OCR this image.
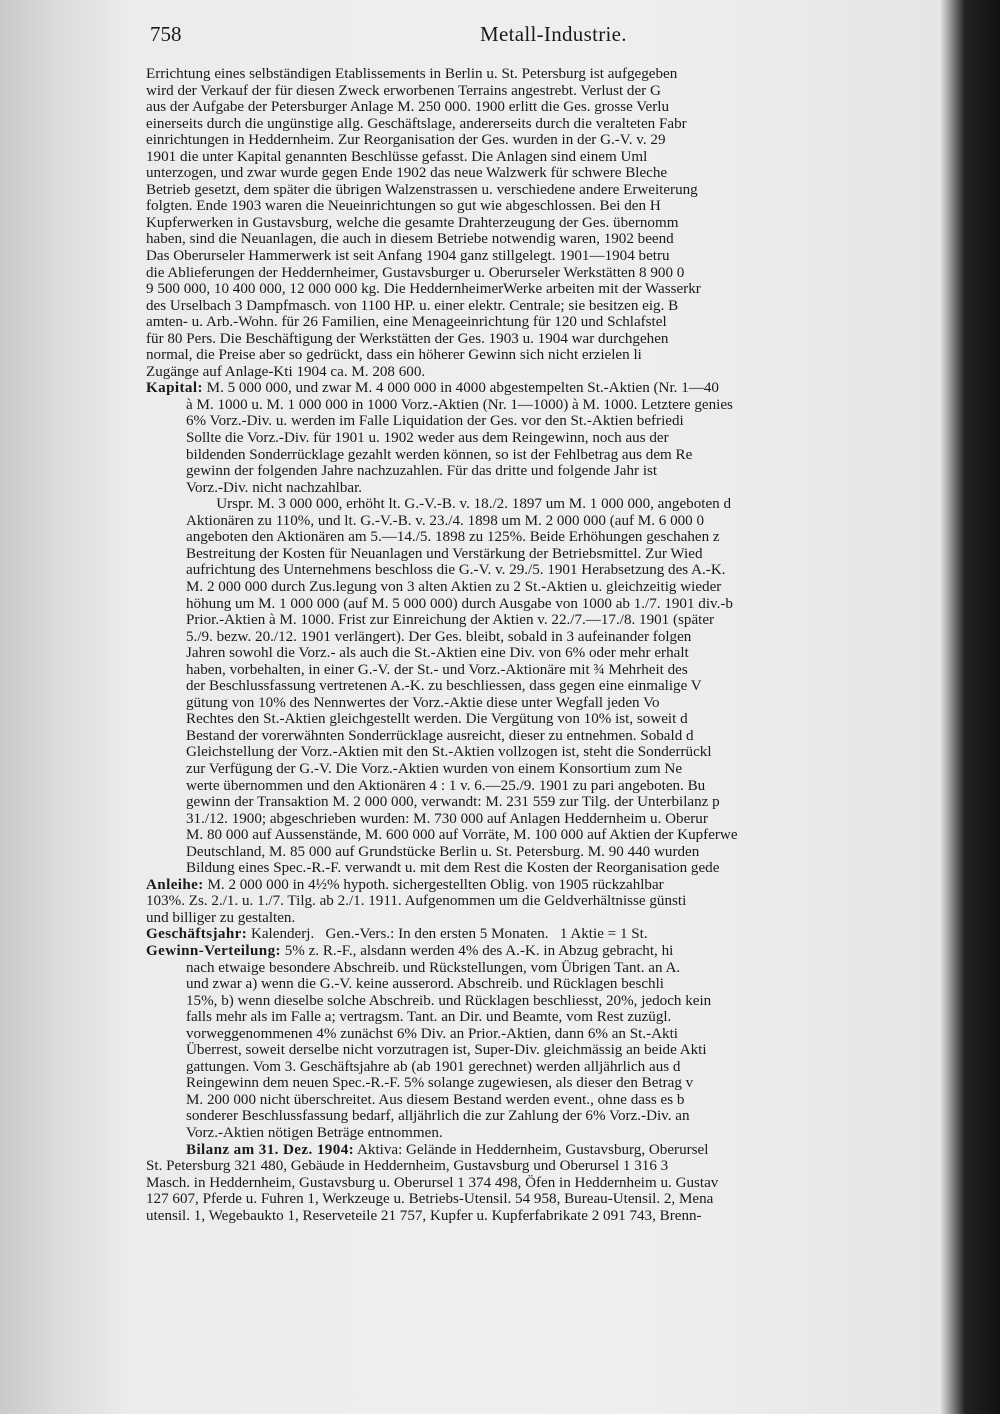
758	Metall-Industrie.
Errichtung eines selbständigen Etablissements in Berlin u. St. Petersburg ist aufgegeben
wird der Verkauf der für diesen Zweck erworbenen Terrains angestrebt. Verlust der G
aus der Aufgabe der Petersburger Anlage M. 250 000. 1900 erlitt die Ges. grosse Verlu
einerseits durch die ungünstige allg. Geschäftslage, andererseits durch die veralteten Fabr
einrichtungen in Heddernheim. Zur Reorganisation der Ges. wurden in der G.-V. v. 29
1901 die unter Kapital genannten Beschlüsse gefasst. Die Anlagen sind einem Uml
unterzogen, und zwar wurde gegen Ende 1902 das neue Walzwerk für schwere Bleche
Betrieb gesetzt, dem später die übrigen Walzenstrassen u. verschiedene andere Erweiterung
folgten. Ende 1903 waren die Neueinrichtungen so gut wie abgeschlossen. Bei den H
Kupferwerken in Gustavsburg, welche die gesamte Drahterzeugung der Ges. übernomm
haben, sind die Neuanlagen, die auch in diesem Betriebe notwendig waren, 1902 beend
Das Oberurseler Hammerwerk ist seit Anfang 1904 ganz stillgelegt. 1901—1904 betru
die Ablieferungen der Heddernheimer, Gustavsburger u. Oberurseler Werkstätten 8 900 0
9 500 000, 10 400 000, 12 000 000 kg. Die HeddernheimerWerke arbeiten mit der Wasserkr
des Urselbach 3 Dampfmasch. von 1100 HP. u. einer elektr. Centrale; sie besitzen eig. B
amten- u. Arb.-Wohn. für 26 Familien, eine Menageeinrichtung für 120 und Schlafstel
für 80 Pers. Die Beschäftigung der Werkstätten der Ges. 1903 u. 1904 war durchgehen
normal, die Preise aber so gedrückt, dass ein höherer Gewinn sich nicht erzielen li
Zugänge auf Anlage-Kti 1904 ca. M. 208 600.
Kapital: M. 5 000 000, und zwar M. 4 000 000 in 4000 abgestempelten St.-Aktien (Nr. 1—40
à M. 1000 u. M. 1 000 000 in 1000 Vorz.-Aktien (Nr. 1—1000) à M. 1000. Letztere genies
6% Vorz.-Div. u. werden im Falle Liquidation der Ges. vor den St.-Aktien befriedi
Sollte die Vorz.-Div. für 1901 u. 1902 weder aus dem Reingewinn, noch aus der
bildenden Sonderrücklage gezahlt werden können, so ist der Fehlbetrag aus dem Re
gewinn der folgenden Jahre nachzuzahlen. Für das dritte und folgende Jahr ist
Vorz.-Div. nicht nachzahlbar.
Urspr. M. 3 000 000, erhöht lt. G.-V.-B. v. 18./2. 1897 um M. 1 000 000, angeboten d
Aktionären zu 110%, und lt. G.-V.-B. v. 23./4. 1898 um M. 2 000 000 (auf M. 6 000 0
angeboten den Aktionären am 5.—14./5. 1898 zu 125%. Beide Erhöhungen geschahen z
Bestreitung der Kosten für Neuanlagen und Verstärkung der Betriebsmittel. Zur Wied
aufrichtung des Unternehmens beschloss die G.-V. v. 29./5. 1901 Herabsetzung des A.-K.
M. 2 000 000 durch Zus.legung von 3 alten Aktien zu 2 St.-Aktien u. gleichzeitig wieder
höhung um M. 1 000 000 (auf M. 5 000 000) durch Ausgabe von 1000 ab 1./7. 1901 div.-b
Prior.-Aktien à M. 1000. Frist zur Einreichung der Aktien v. 22./7.—17./8. 1901 (später
5./9. bezw. 20./12. 1901 verlängert). Der Ges. bleibt, sobald in 3 aufeinander folgen
Jahren sowohl die Vorz.- als auch die St.-Aktien eine Div. von 6% oder mehr erhalt
haben, vorbehalten, in einer G.-V. der St.- und Vorz.-Aktionäre mit ¾ Mehrheit des
der Beschlussfassung vertretenen A.-K. zu beschliessen, dass gegen eine einmalige V
gütung von 10% des Nennwertes der Vorz.-Aktie diese unter Wegfall jeden Vo
Rechtes den St.-Aktien gleichgestellt werden. Die Vergütung von 10% ist, soweit d
Bestand der vorerwähnten Sonderrücklage ausreicht, dieser zu entnehmen. Sobald d
Gleichstellung der Vorz.-Aktien mit den St.-Aktien vollzogen ist, steht die Sonderrückl
zur Verfügung der G.-V. Die Vorz.-Aktien wurden von einem Konsortium zum Ne
werte übernommen und den Aktionären 4 : 1 v. 6.—25./9. 1901 zu pari angeboten. Bu
gewinn der Transaktion M. 2 000 000, verwandt: M. 231 559 zur Tilg. der Unterbilanz p
31./12. 1900; abgeschrieben wurden: M. 730 000 auf Anlagen Heddernheim u. Oberur
M. 80 000 auf Aussenstände, M. 600 000 auf Vorräte, M. 100 000 auf Aktien der Kupferwe
Deutschland, M. 85 000 auf Grundstücke Berlin u. St. Petersburg. M. 90 440 wurden
Bildung eines Spec.-R.-F. verwandt u. mit dem Rest die Kosten der Reorganisation gede
Anleihe: M. 2 000 000 in 4½% hypoth. sichergestellten Oblig. von 1905 rückzahlbar
103%. Zs. 2./1. u. 1./7. Tilg. ab 2./1. 1911. Aufgenommen um die Geldverhältnisse günsti
und billiger zu gestalten.
Geschäftsjahr: Kalenderj.   Gen.-Vers.: In den ersten 5 Monaten.   1 Aktie = 1 St.
Gewinn-Verteilung: 5% z. R.-F., alsdann werden 4% des A.-K. in Abzug gebracht, hi
nach etwaige besondere Abschreib. und Rückstellungen, vom Übrigen Tant. an A.
und zwar a) wenn die G.-V. keine ausserord. Abschreib. und Rücklagen beschli
15%, b) wenn dieselbe solche Abschreib. und Rücklagen beschliesst, 20%, jedoch kein
falls mehr als im Falle a; vertragsm. Tant. an Dir. und Beamte, vom Rest zuzügl.
vorweggenommenen 4% zunächst 6% Div. an Prior.-Aktien, dann 6% an St.-Akti
Überrest, soweit derselbe nicht vorzutragen ist, Super-Div. gleichmässig an beide Akti
gattungen. Vom 3. Geschäftsjahre ab (ab 1901 gerechnet) werden alljährlich aus d
Reingewinn dem neuen Spec.-R.-F. 5% solange zugewiesen, als dieser den Betrag v
M. 200 000 nicht überschreitet. Aus diesem Bestand werden event., ohne dass es b
sonderer Beschlussfassung bedarf, alljährlich die zur Zahlung der 6% Vorz.-Div. an
Vorz.-Aktien nötigen Beträge entnommen.
Bilanz am 31. Dez. 1904: Aktiva: Gelände in Heddernheim, Gustavsburg, Oberursel
St. Petersburg 321 480, Gebäude in Heddernheim, Gustavsburg und Oberursel 1 316 3
Masch. in Heddernheim, Gustavsburg u. Oberursel 1 374 498, Öfen in Heddernheim u. Gustav
127 607, Pferde u. Fuhren 1, Werkzeuge u. Betriebs-Utensil. 54 958, Bureau-Utensil. 2, Mena
utensil. 1, Wegebaukto 1, Reserveteile 21 757, Kupfer u. Kupferfabrikate 2 091 743, Brenn-
